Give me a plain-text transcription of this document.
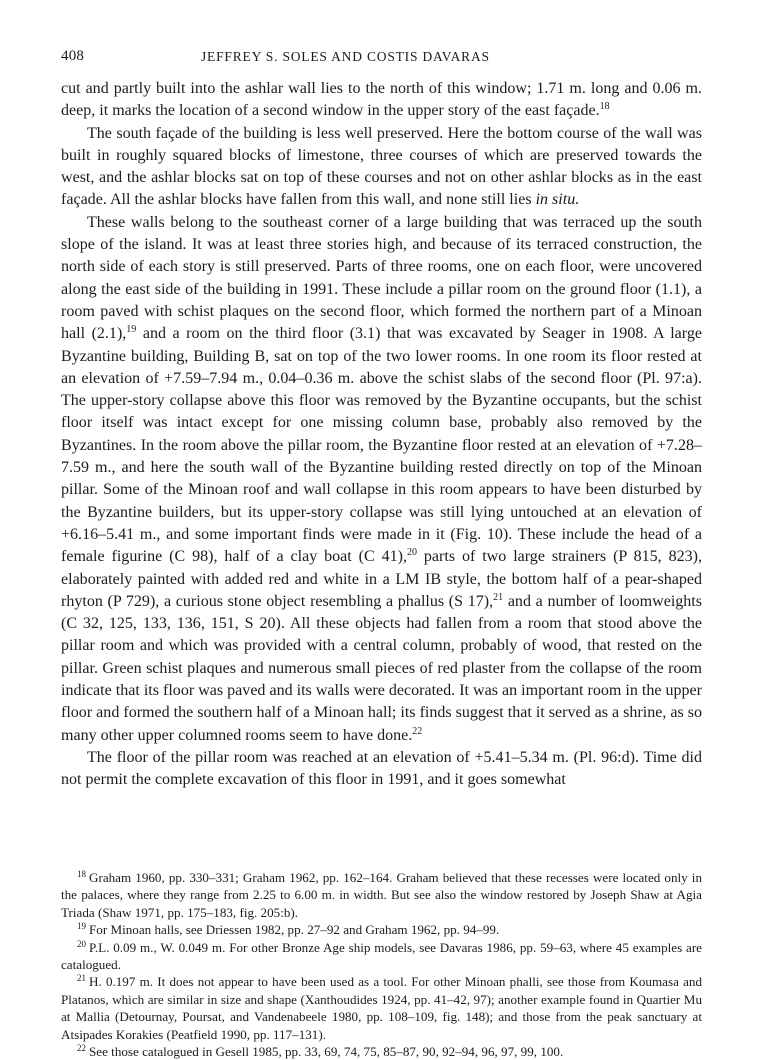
408	JEFFREY S. SOLES AND COSTIS DAVARAS

cut and partly built into the ashlar wall lies to the north of this window; 1.71 m. long and 0.06 m. deep, it marks the location of a second window in the upper story of the east façade.$^{18}$

The south façade of the building is less well preserved. Here the bottom course of the wall was built in roughly squared blocks of limestone, three courses of which are preserved towards the west, and the ashlar blocks sat on top of these courses and not on other ashlar blocks as in the east façade. All the ashlar blocks have fallen from this wall, and none still lies in situ.

These walls belong to the southeast corner of a large building that was terraced up the south slope of the island. It was at least three stories high, and because of its terraced construction, the north side of each story is still preserved. Parts of three rooms, one on each floor, were uncovered along the east side of the building in 1991. These include a pillar room on the ground floor (1.1), a room paved with schist plaques on the second floor, which formed the northern part of a Minoan hall (2.1),$^{19}$ and a room on the third floor (3.1) that was excavated by Seager in 1908. A large Byzantine building, Building B, sat on top of the two lower rooms. In one room its floor rested at an elevation of +7.59–7.94 m., 0.04–0.36 m. above the schist slabs of the second floor (Pl. 97:a). The upper-story collapse above this floor was removed by the Byzantine occupants, but the schist floor itself was intact except for one missing column base, probably also removed by the Byzantines. In the room above the pillar room, the Byzantine floor rested at an elevation of +7.28–7.59 m., and here the south wall of the Byzantine building rested directly on top of the Minoan pillar. Some of the Minoan roof and wall collapse in this room appears to have been disturbed by the Byzantine builders, but its upper-story collapse was still lying untouched at an elevation of +6.16–5.41 m., and some important finds were made in it (Fig. 10). These include the head of a female figurine (C 98), half of a clay boat (C 41),$^{20}$ parts of two large strainers (P 815, 823), elaborately painted with added red and white in a LM IB style, the bottom half of a pear-shaped rhyton (P 729), a curious stone object resembling a phallus (S 17),$^{21}$ and a number of loomweights (C 32, 125, 133, 136, 151, S 20). All these objects had fallen from a room that stood above the pillar room and which was provided with a central column, probably of wood, that rested on the pillar. Green schist plaques and numerous small pieces of red plaster from the collapse of the room indicate that its floor was paved and its walls were decorated. It was an important room in the upper floor and formed the southern half of a Minoan hall; its finds suggest that it served as a shrine, as so many other upper columned rooms seem to have done.$^{22}$

The floor of the pillar room was reached at an elevation of +5.41–5.34 m. (Pl. 96:d). Time did not permit the complete excavation of this floor in 1991, and it goes somewhat

$^{18}$ Graham 1960, pp. 330–331; Graham 1962, pp. 162–164. Graham believed that these recesses were located only in the palaces, where they range from 2.25 to 6.00 m. in width. But see also the window restored by Joseph Shaw at Agia Triada (Shaw 1971, pp. 175–183, fig. 205:b).

$^{19}$ For Minoan halls, see Driessen 1982, pp. 27–92 and Graham 1962, pp. 94–99.

$^{20}$ P.L. 0.09 m., W. 0.049 m. For other Bronze Age ship models, see Davaras 1986, pp. 59–63, where 45 examples are catalogued.

$^{21}$ H. 0.197 m. It does not appear to have been used as a tool. For other Minoan phalli, see those from Koumasa and Platanos, which are similar in size and shape (Xanthoudides 1924, pp. 41–42, 97); another example found in Quartier Mu at Mallia (Detournay, Poursat, and Vandenabeele 1980, pp. 108–109, fig. 148); and those from the peak sanctuary at Atsipades Korakies (Peatfield 1990, pp. 117–131).

$^{22}$ See those catalogued in Gesell 1985, pp. 33, 69, 74, 75, 85–87, 90, 92–94, 96, 97, 99, 100.
